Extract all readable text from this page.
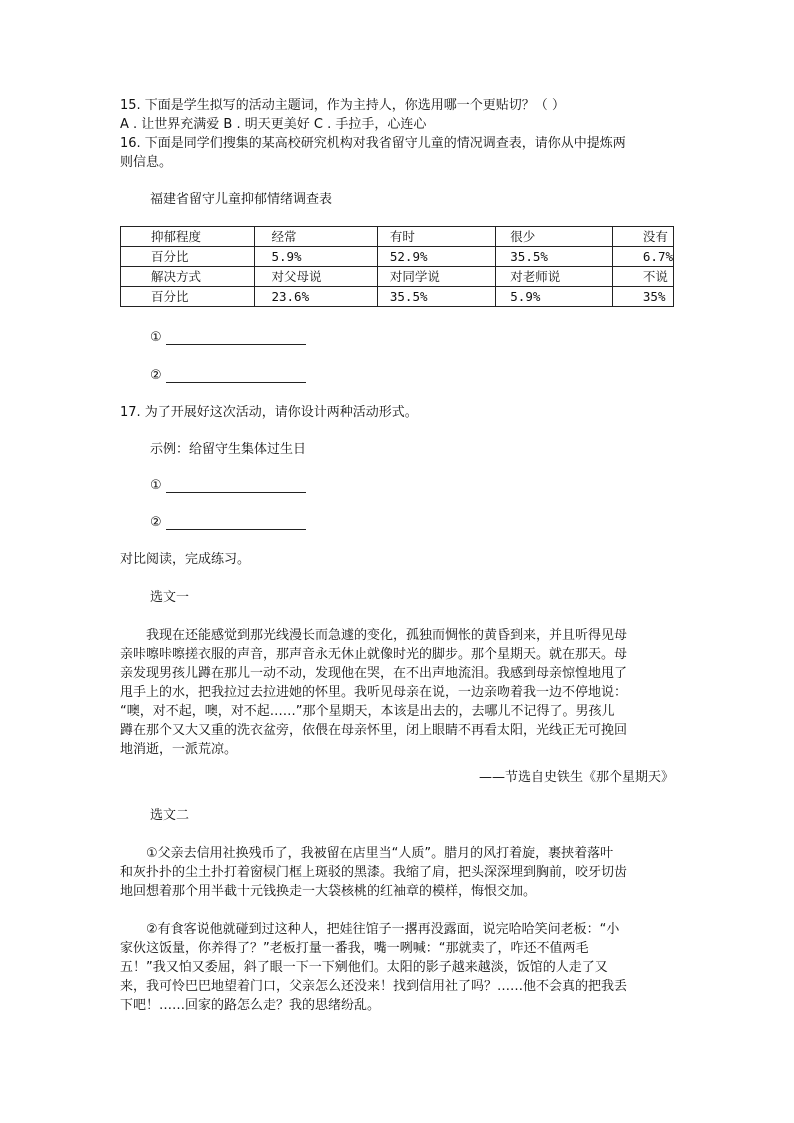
15. 下面是学生拟写的活动主题词，作为主持人，你选用哪一个更贴切？（ ）
A . 让世界充满爱 B . 明天更美好 C . 手拉手，心连心
16. 下面是同学们搜集的某高校研究机构对我省留守儿童的情况调查表，请你从中提炼两
则信息。
福建省留守儿童抑郁情绪调查表
抑郁程度	经常	有时	很少	没有
百分比	5.9%	52.9%	35.5%	6.7%
解决方式	对父母说	对同学说	对老师说	不说
百分比	23.6%	35.5%	5.9%	35%
①
②
17. 为了开展好这次活动，请你设计两种活动形式。
示例：给留守生集体过生日
①
②
对比阅读，完成练习。
选文一
　　我现在还能感觉到那光线漫长而急遽的变化，孤独而惆怅的黄昏到来，并且听得见母
亲咔嚓咔嚓搓衣服的声音，那声音永无休止就像时光的脚步。那个星期天。就在那天。母
亲发现男孩儿蹲在那儿一动不动，发现他在哭，在不出声地流泪。我感到母亲惊惶地甩了
甩手上的水，把我拉过去拉进她的怀里。我听见母亲在说，一边亲吻着我一边不停地说：
“噢，对不起，噢，对不起……”那个星期天，本该是出去的，去哪儿不记得了。男孩儿
蹲在那个又大又重的洗衣盆旁，依偎在母亲怀里，闭上眼睛不再看太阳，光线正无可挽回
地消逝，一派荒凉。
——节选自史铁生《那个星期天》
选文二
　　①父亲去信用社换残币了，我被留在店里当“人质”。腊月的风打着旋，裹挟着落叶
和灰扑扑的尘土扑打着窗棂门框上斑驳的黑漆。我缩了肩，把头深深埋到胸前，咬牙切齿
地回想着那个用半截十元钱换走一大袋核桃的红袖章的模样，悔恨交加。
　　②有食客说他就碰到过这种人，把娃往馆子一撂再没露面，说完哈哈笑问老板：“小
家伙这饭量，你养得了？”老板打量一番我，嘴一咧喊：“那就卖了，咋还不值两毛
五！”我又怕又委屈，斜了眼一下一下剜他们。太阳的影子越来越淡，饭馆的人走了又
来，我可怜巴巴地望着门口，父亲怎么还没来！找到信用社了吗？……他不会真的把我丢
下吧！……回家的路怎么走？我的思绪纷乱。
